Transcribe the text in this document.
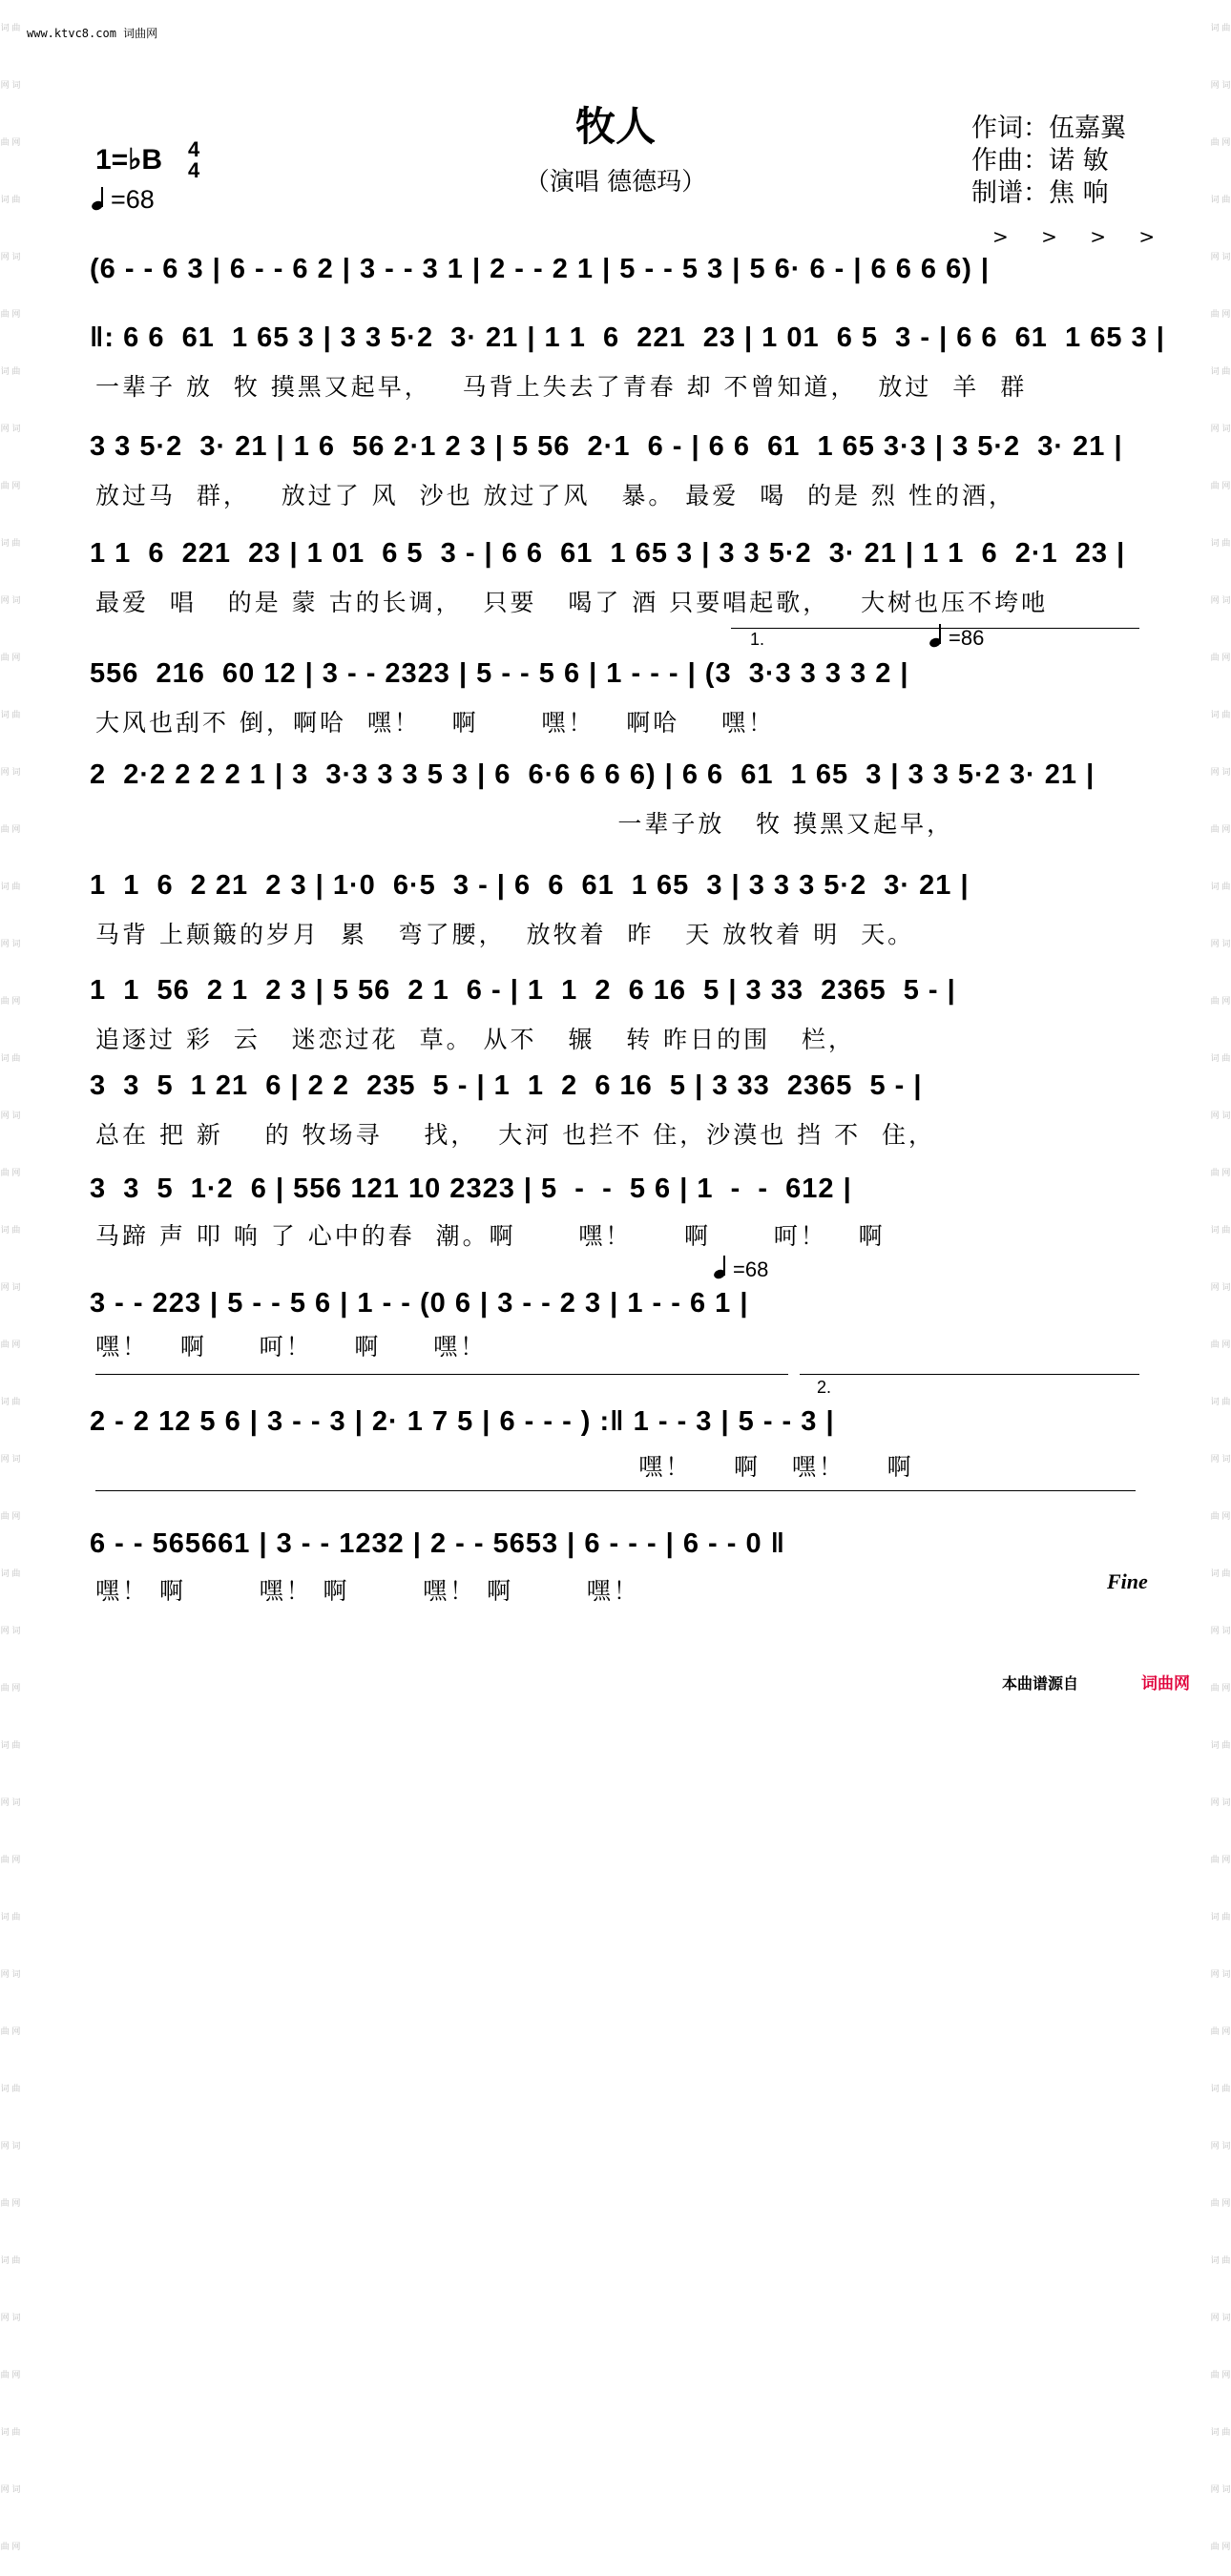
词 曲 网 词 曲 网 词 曲 网 词 曲 网 词 曲 网 词 曲 网 词 曲 网 词 曲 网 词 曲 网 词 曲 网 词 曲 网 词 曲 网 词 曲 网 词 曲 网 词 曲 网 词 曲 网 词 曲 网 词 曲 网 词 曲 网 词 曲 网 词 曲 网 词 曲 网 词 曲 网 词 曲 网 词 曲 网 词 曲 网 词 曲 网 词 曲 网 词 曲 网 词 曲 网
词 曲 网 词 曲 网 词 曲 网 词 曲 网 词 曲 网 词 曲 网 词 曲 网 词 曲 网 词 曲 网 词 曲 网 词 曲 网 词 曲 网 词 曲 网 词 曲 网 词 曲 网 词 曲 网 词 曲 网 词 曲 网 词 曲 网 词 曲 网 词 曲 网 词 曲 网 词 曲 网 词 曲 网 词 曲 网 词 曲 网 词 曲 网 词 曲 网 词 曲 网 词 曲 网
www.ktvc8.com 词曲网
牧人
（演唱 德德玛）
作词：伍嘉翼
作曲：诺 敏
制谱：焦 响
1=♭B 4
4
=68
> > > >
(6 - - 6 3 | 6 - - 6 2 | 3 - - 3 1 | 2 - - 2 1 | 5 - - 5 3 | 5 6· 6 - | 6 6 6 6) |
‖: 6 6  61  1 65 3 | 3 3 5·2  3· 21 | 1 1  6  221  23 | 1 01  6 5  3 - | 6 6  61  1 65 3 |
一辈子 放  牧 摸黑又起早，   马背上失去了青春 却 不曾知道，  放过  羊  群
3 3 5·2  3· 21 | 1 6  56 2·1 2 3 | 5 56  2·1  6 - | 6 6  61  1 65 3·3 | 3 5·2  3· 21 |
放过马  群，   放过了 风  沙也 放过了风   暴。 最爱  喝  的是 烈 性的酒，
1 1  6  221  23 | 1 01  6 5  3 - | 6 6  61  1 65 3 | 3 3 5·2  3· 21 | 1 1  6  2·1  23 |
最爱  唱   的是 蒙 古的长调，  只要   喝了 酒 只要唱起歌，   大树也压不垮吔
1.	=86
556  216  60 12 | 3 - - 2323 | 5 - - 5 6 | 1 - - - | (3  3·3 3 3 3 2 |
大风也刮不 倒，啊哈  嘿！   啊      嘿！   啊哈    嘿！
2  2·2 2 2 2 1 | 3  3·3 3 3 5 3 | 6  6·6 6 6 6) | 6 6  61  1 65  3 | 3 3 5·2 3· 21 |
一辈子放   牧 摸黑又起早，
1  1  6  2 21  2 3 | 1·0  6·5  3 - | 6  6  61  1 65  3 | 3 3 3 5·2  3· 21 |
马背 上颠簸的岁月  累   弯了腰，  放牧着  昨   天 放牧着 明  天。
1  1  56  2 1  2 3 | 5 56  2 1  6 - | 1  1  2  6 16  5 | 3 33  2365  5 - |
追逐过 彩  云   迷恋过花  草。 从不   辗   转 昨日的围   栏，
3  3  5  1 21  6 | 2 2  235  5 - | 1  1  2  6 16  5 | 3 33  2365  5 - |
总在 把 新    的 牧场寻    找，  大河 也拦不 住，沙漠也 挡 不  住，
3  3  5  1·2  6 | 556 121 10 2323 | 5  -  -  5 6 | 1  -  -  612 |
马蹄 声 叩 响 了 心中的春  潮。啊      嘿！     啊      呵！   啊
=68
3 - - 223 | 5 - - 5 6 | 1 - - (0 6 | 3 - - 2 3 | 1 - - 6 1 |
嘿！   啊     呵！    啊     嘿！
2.
2 - 2 12 5 6 | 3 - - 3 | 2· 1 7 5 | 6 - - - ) :‖ 1 - - 3 | 5 - - 3 |
嘿！    啊   嘿！    啊
6 - - 565661 | 3 - - 1232 | 2 - - 5653 | 6 - - - | 6 - - 0 ‖
嘿！ 啊       嘿！ 啊       嘿！ 啊       嘿！	Fine
本曲谱源自	词曲网
